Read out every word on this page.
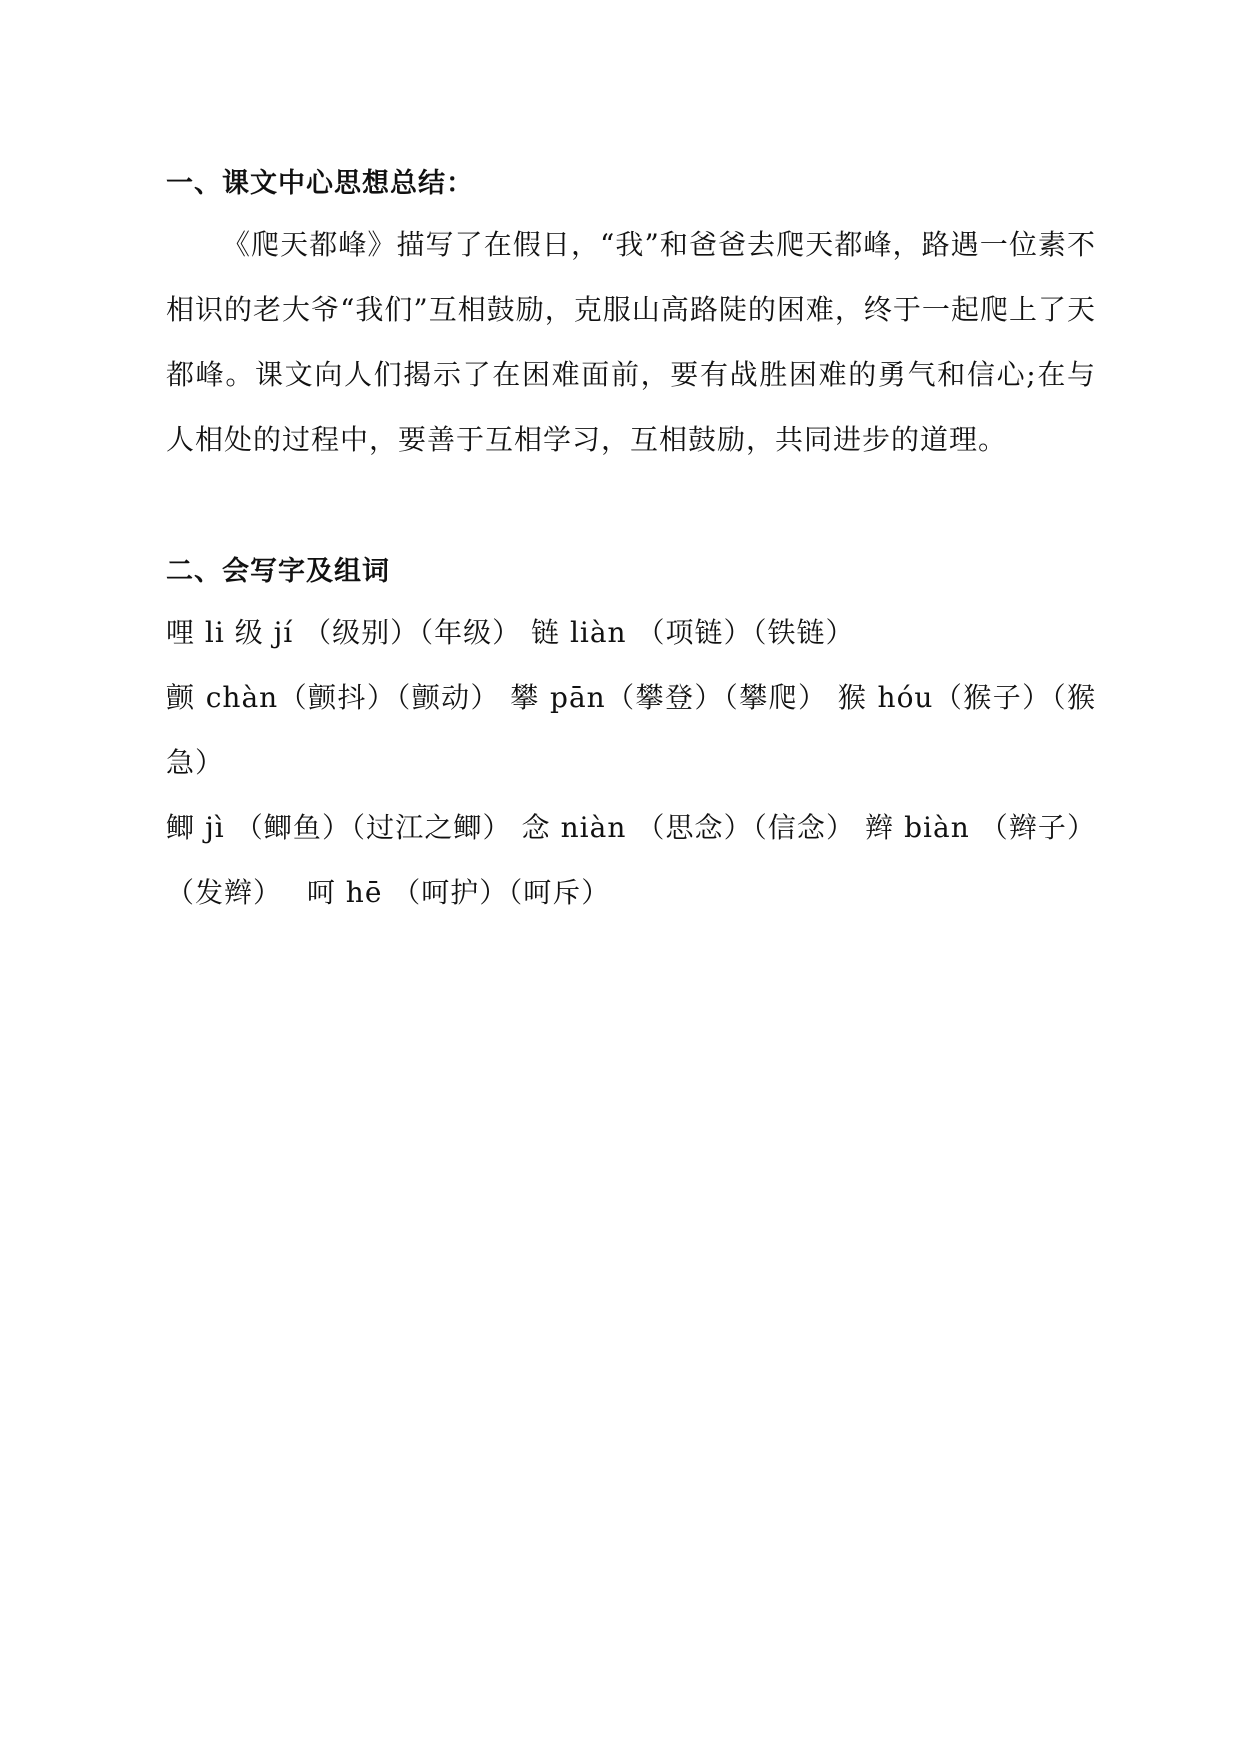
一、课文中心思想总结：

《爬天都峰》描写了在假日，“我”和爸爸去爬天都峰，路遇一位素不相识的老大爷“我们”互相鼓励，克服山高路陡的困难，终于一起爬上了天都峰。课文向人们揭示了在困难面前，要有战胜困难的勇气和信心;在与人相处的过程中，要善于互相学习，互相鼓励，共同进步的道理。

二、会写字及组词

哩 li 级 jí （级别）（年级） 链 liàn （项链）（铁链）

颤 chàn（颤抖）（颤动） 攀 pān（攀登）（攀爬） 猴 hóu（猴子）（猴急）

鲫 jì （鲫鱼）（过江之鲫） 念 niàn （思念）（信念） 辫 biàn （辫子）（发辫）　 呵 hē （呵护）（呵斥）
